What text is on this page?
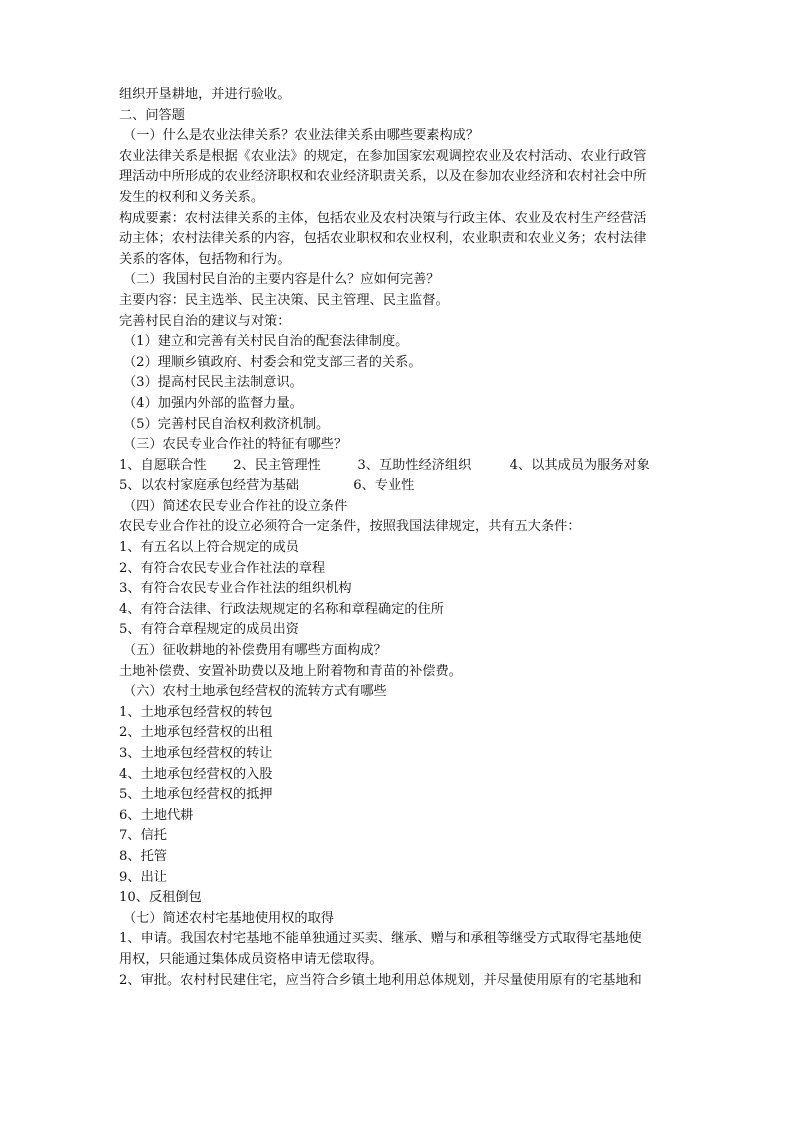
组织开垦耕地，并进行验收。
二、问答题
（一）什么是农业法律关系？农业法律关系由哪些要素构成？
农业法律关系是根据《农业法》的规定，在参加国家宏观调控农业及农村活动、农业行政管
理活动中所形成的农业经济职权和农业经济职责关系，以及在参加农业经济和农村社会中所
发生的权利和义务关系。
构成要素：农村法律关系的主体，包括农业及农村决策与行政主体、农业及农村生产经营活
动主体；农村法律关系的内容，包括农业职权和农业权利，农业职责和农业义务；农村法律
关系的客体，包括物和行为。
（二）我国村民自治的主要内容是什么？应如何完善？
主要内容：民主选举、民主决策、民主管理、民主监督。
完善村民自治的建议与对策：
（1）建立和完善有关村民自治的配套法律制度。
（2）理顺乡镇政府、村委会和党支部三者的关系。
（3）提高村民民主法制意识。
（4）加强内外部的监督力量。
（5）完善村民自治权利救济机制。
（三）农民专业合作社的特征有哪些？
1、自愿联合性 2、民主管理性	3、互助性经济组织	4、以其成员为服务对象
5、以农村家庭承包经营为基础	6、专业性
（四）简述农民专业合作社的设立条件
农民专业合作社的设立必须符合一定条件，按照我国法律规定，共有五大条件：
1、有五名以上符合规定的成员
2、有符合农民专业合作社法的章程
3、有符合农民专业合作社法的组织机构
4、有符合法律、行政法规规定的名称和章程确定的住所
5、有符合章程规定的成员出资
（五）征收耕地的补偿费用有哪些方面构成？
土地补偿费、安置补助费以及地上附着物和青苗的补偿费。
（六）农村土地承包经营权的流转方式有哪些
1、土地承包经营权的转包
2、土地承包经营权的出租
3、土地承包经营权的转让
4、土地承包经营权的入股
5、土地承包经营权的抵押
6、土地代耕
7、信托
8、托管
9、出让
10、反租倒包
（七）简述农村宅基地使用权的取得
1、申请。我国农村宅基地不能单独通过买卖、继承、赠与和承租等继受方式取得宅基地使
用权，只能通过集体成员资格申请无偿取得。
2、审批。农村村民建住宅，应当符合乡镇土地利用总体规划，并尽量使用原有的宅基地和
